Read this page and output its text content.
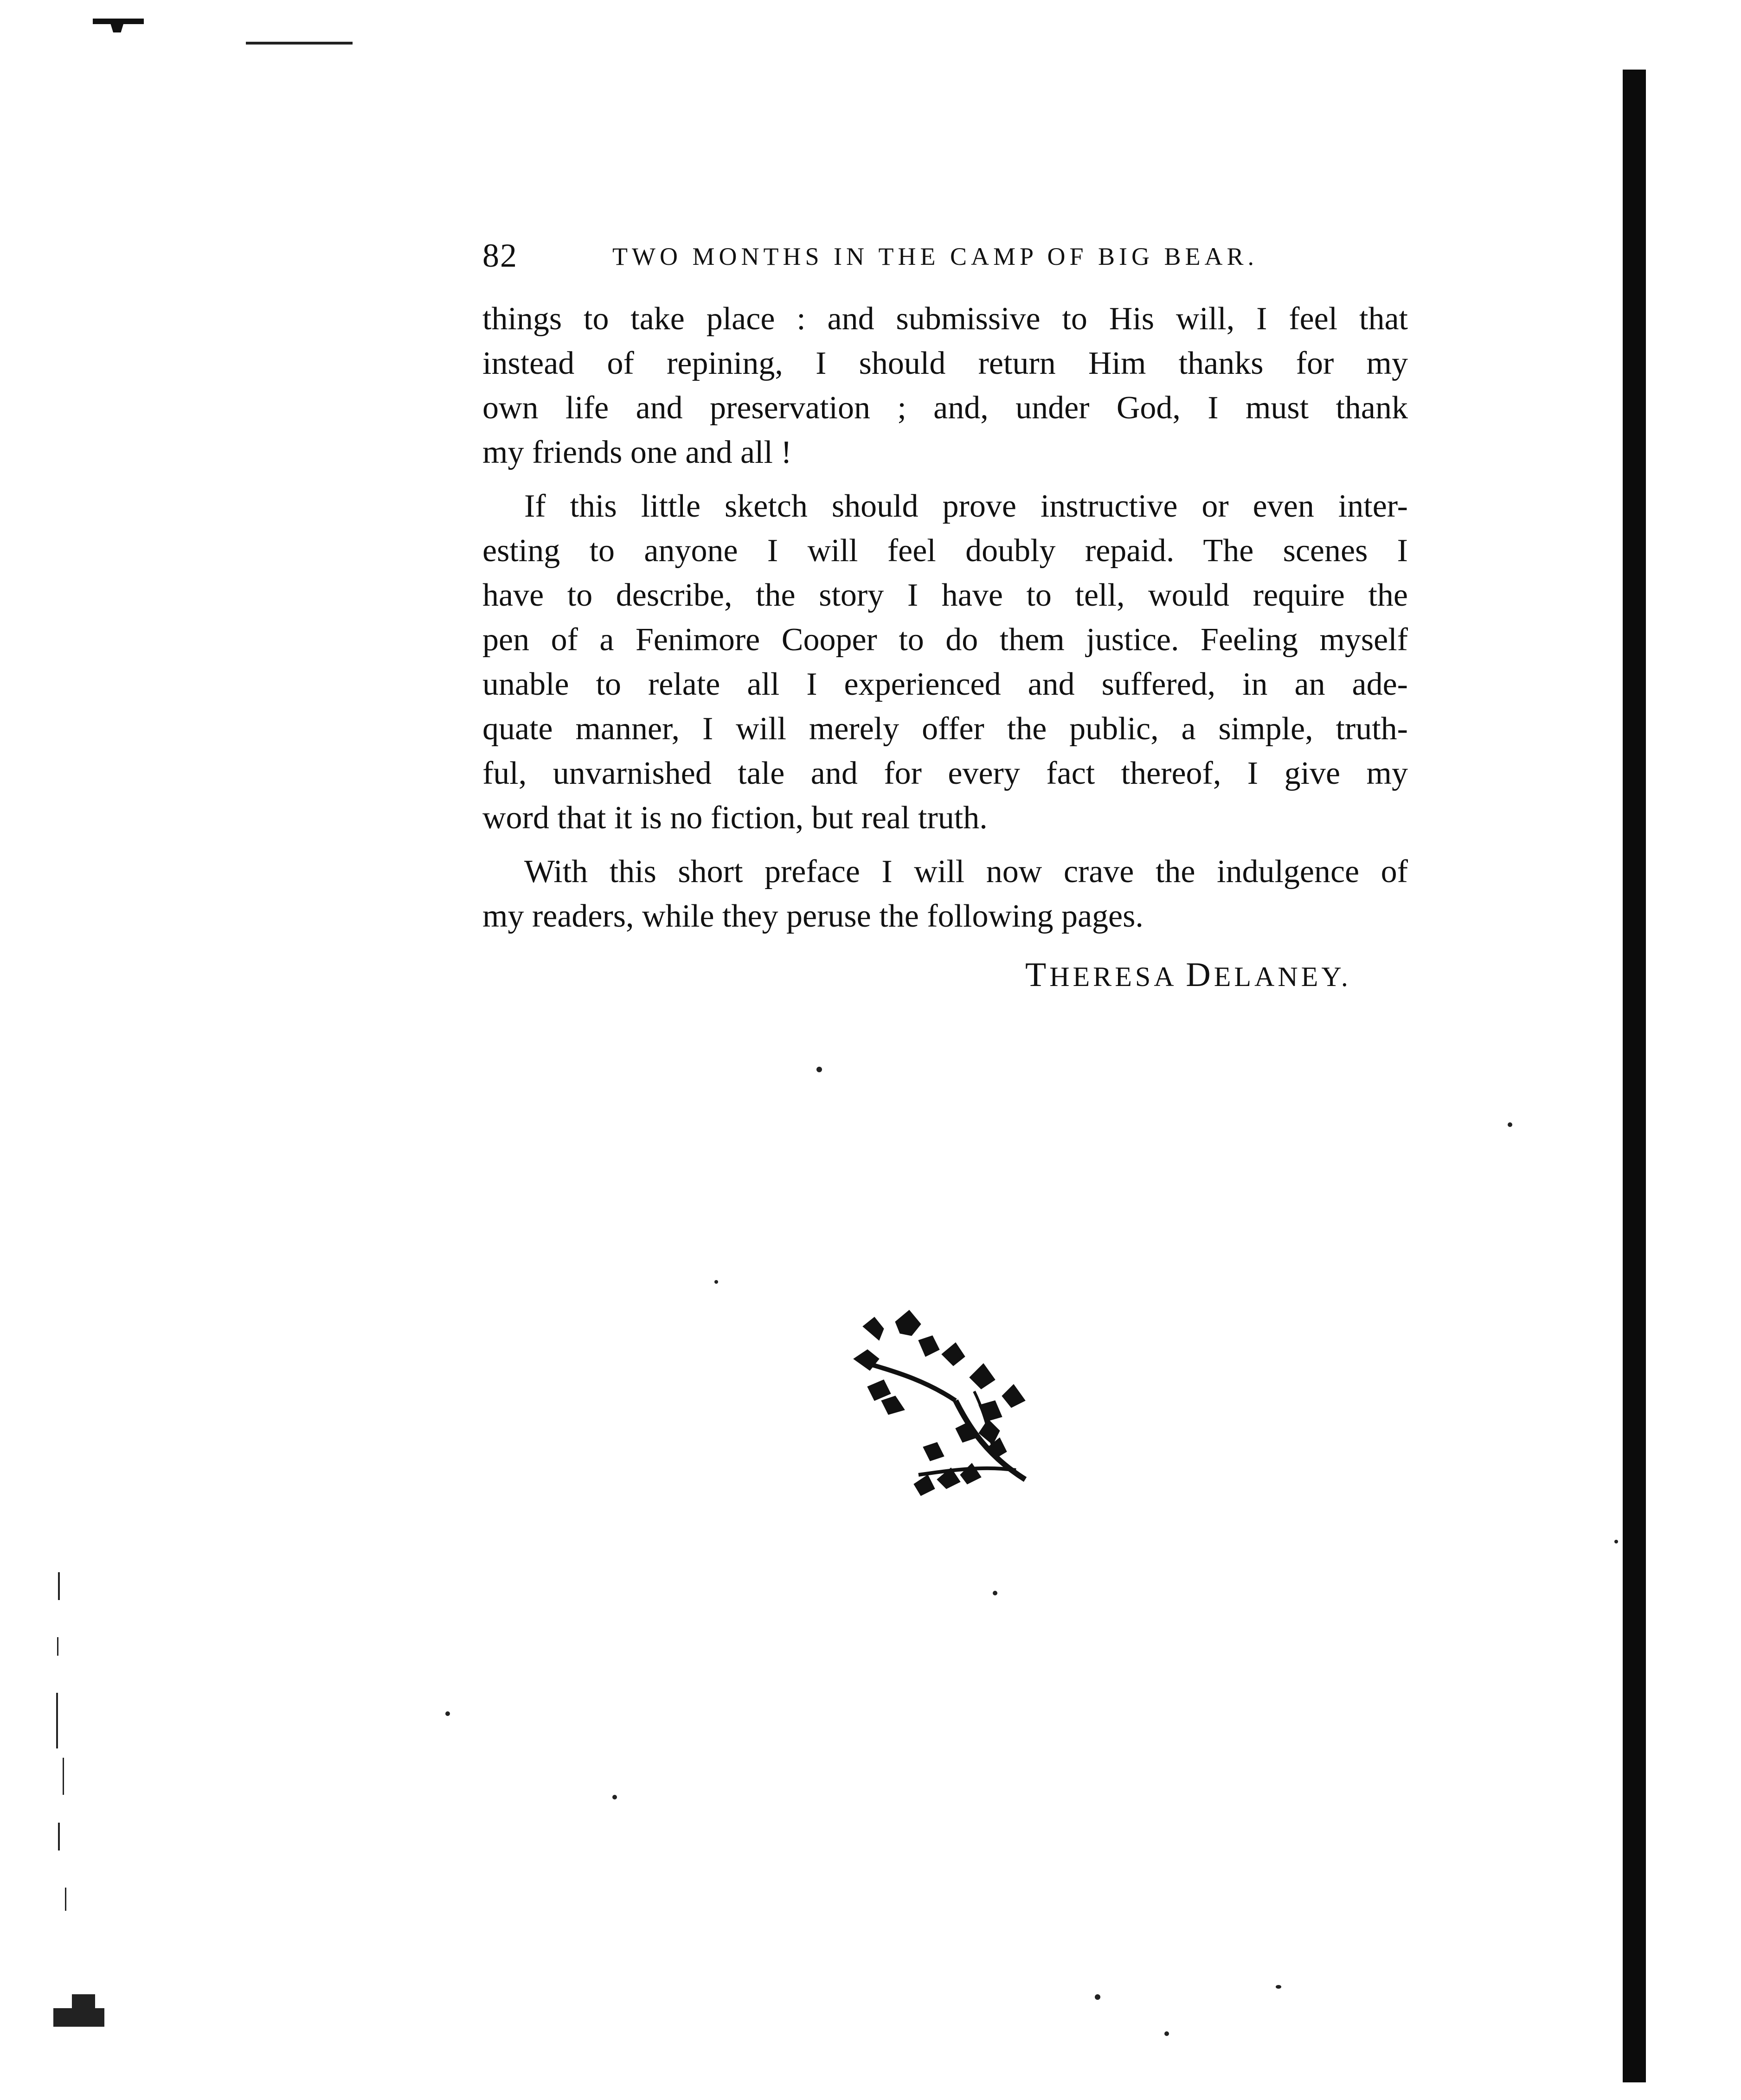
82	TWO MONTHS IN THE CAMP OF BIG BEAR.
things to take place : and submissive to His will, I feel that
instead of repining, I should return Him thanks for my
own life and preservation ; and, under God, I must thank
my friends one and all !
If this little sketch should prove instructive or even inter-
esting to anyone I will feel doubly repaid. The scenes I
have to describe, the story I have to tell, would require the
pen of a Fenimore Cooper to do them justice. Feeling myself
unable to relate all I experienced and suffered, in an ade-
quate manner, I will merely offer the public, a simple, truth-
ful, unvarnished tale and for every fact thereof, I give my
word that it is no fiction, but real truth.
With this short preface I will now crave the indulgence of
my readers, while they peruse the following pages.
THERESA DELANEY.
